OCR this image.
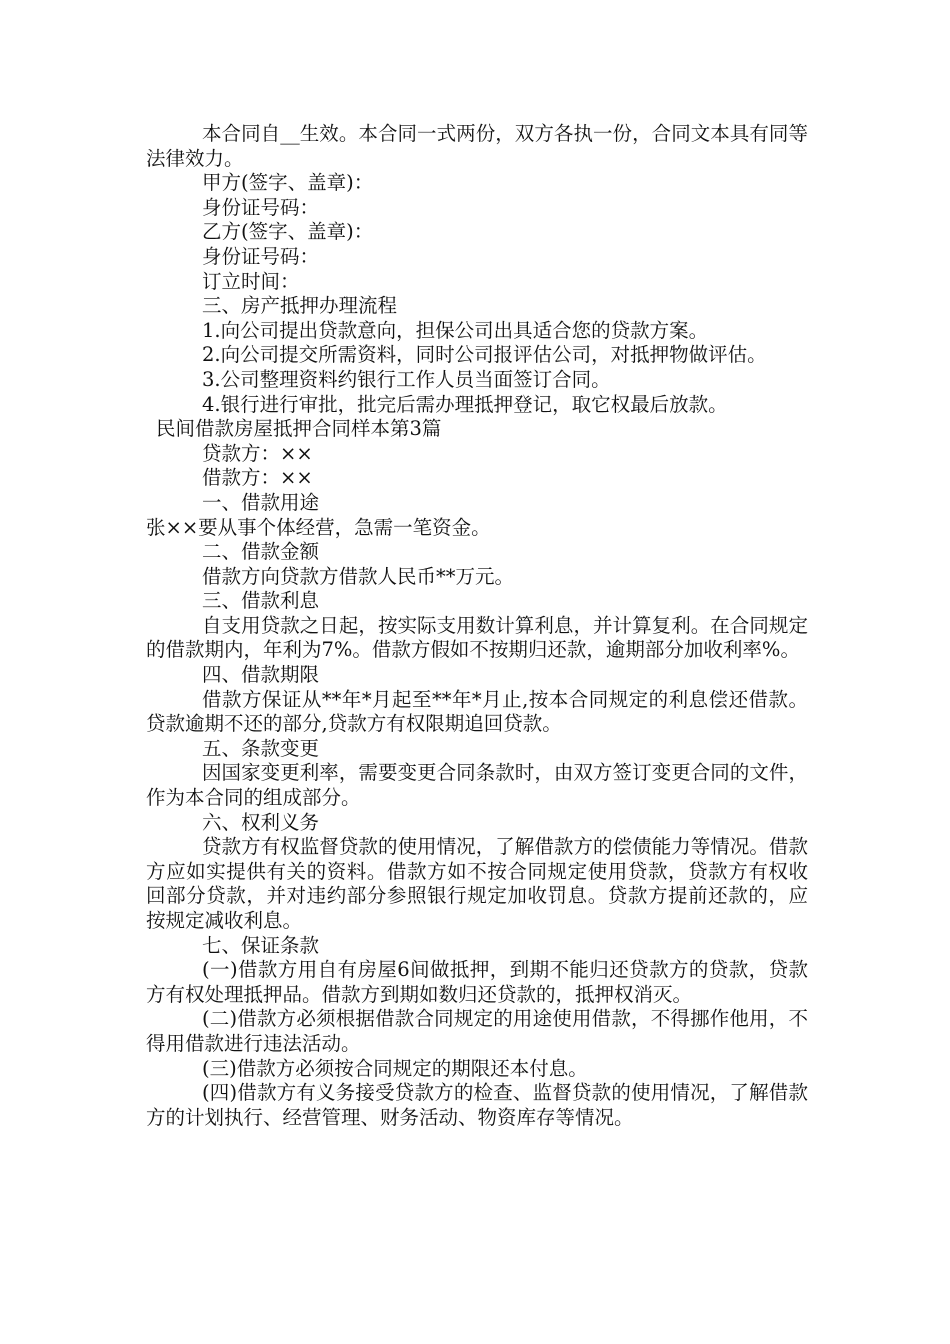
本合同自__生效。本合同一式两份，双方各执一份，合同文本具有同等法律效力。

甲方(签字、盖章)：

身份证号码：

乙方(签字、盖章)：

身份证号码：

订立时间：

三、房产抵押办理流程

1.向公司提出贷款意向，担保公司出具适合您的贷款方案。

2.向公司提交所需资料，同时公司报评估公司，对抵押物做评估。

3.公司整理资料约银行工作人员当面签订合同。

4.银行进行审批，批完后需办理抵押登记，取它权最后放款。

民间借款房屋抵押合同样本第3篇

贷款方：××

借款方：××

一、借款用途

张××要从事个体经营，急需一笔资金。

二、借款金额

借款方向贷款方借款人民币**万元。

三、借款利息

自支用贷款之日起，按实际支用数计算利息，并计算复利。在合同规定的借款期内，年利为7%。借款方假如不按期归还款，逾期部分加收利率%。

四、借款期限

借款方保证从**年*月起至**年*月止,按本合同规定的利息偿还借款。贷款逾期不还的部分,贷款方有权限期追回贷款。

五、条款变更

因国家变更利率，需要变更合同条款时，由双方签订变更合同的文件，作为本合同的组成部分。

六、权利义务

贷款方有权监督贷款的使用情况，了解借款方的偿债能力等情况。借款方应如实提供有关的资料。借款方如不按合同规定使用贷款，贷款方有权收回部分贷款，并对违约部分参照银行规定加收罚息。贷款方提前还款的，应按规定减收利息。

七、保证条款

(一)借款方用自有房屋6间做抵押，到期不能归还贷款方的贷款，贷款方有权处理抵押品。借款方到期如数归还贷款的，抵押权消灭。

(二)借款方必须根据借款合同规定的用途使用借款，不得挪作他用，不得用借款进行违法活动。

(三)借款方必须按合同规定的期限还本付息。

(四)借款方有义务接受贷款方的检查、监督贷款的使用情况，了解借款方的计划执行、经营管理、财务活动、物资库存等情况。
